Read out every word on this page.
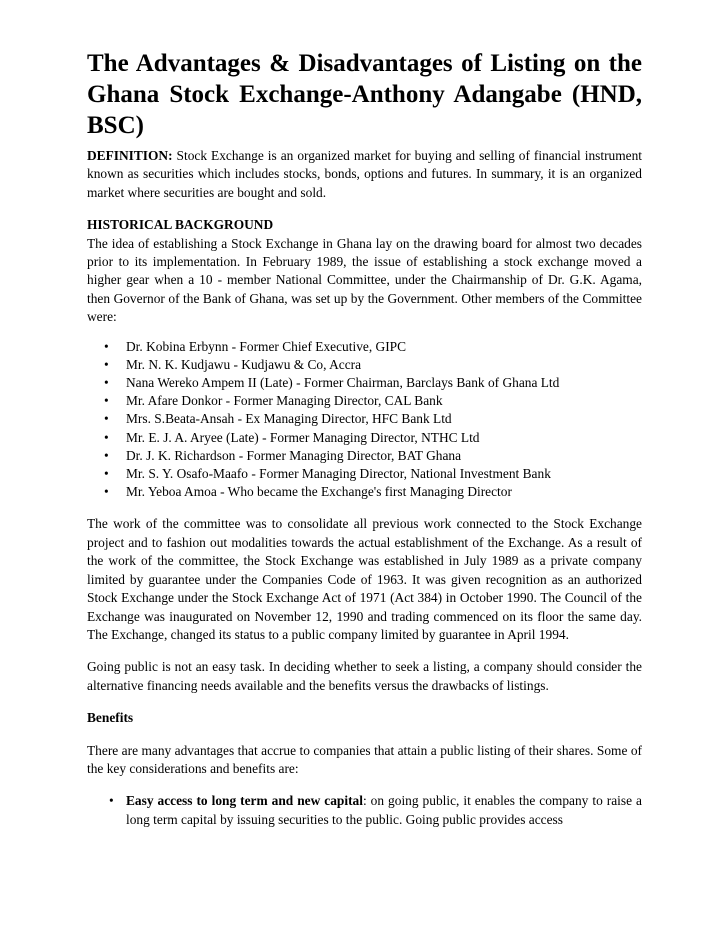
The Advantages & Disadvantages of Listing on the Ghana Stock Exchange-Anthony Adangabe (HND, BSC)

DEFINITION: Stock Exchange is an organized market for buying and selling of financial instrument known as securities which includes stocks, bonds, options and futures. In summary, it is an organized market where securities are bought and sold.

HISTORICAL BACKGROUND
The idea of establishing a Stock Exchange in Ghana lay on the drawing board for almost two decades prior to its implementation. In February 1989, the issue of establishing a stock exchange moved a higher gear when a 10 - member National Committee, under the Chairmanship of Dr. G.K. Agama, then Governor of the Bank of Ghana, was set up by the Government. Other members of the Committee were:

• Dr. Kobina Erbynn - Former Chief Executive, GIPC
• Mr. N. K. Kudjawu - Kudjawu & Co, Accra
• Nana Wereko Ampem II (Late) - Former Chairman, Barclays Bank of Ghana Ltd
• Mr. Afare Donkor - Former Managing Director, CAL Bank
• Mrs. S.Beata-Ansah - Ex Managing Director, HFC Bank Ltd
• Mr. E. J. A. Aryee (Late) - Former Managing Director, NTHC Ltd
• Dr. J. K. Richardson - Former Managing Director, BAT Ghana
• Mr. S. Y. Osafo-Maafo - Former Managing Director, National Investment Bank
• Mr. Yeboa Amoa - Who became the Exchange's first Managing Director

The work of the committee was to consolidate all previous work connected to the Stock Exchange project and to fashion out modalities towards the actual establishment of the Exchange. As a result of the work of the committee, the Stock Exchange was established in July 1989 as a private company limited by guarantee under the Companies Code of 1963. It was given recognition as an authorized Stock Exchange under the Stock Exchange Act of 1971 (Act 384) in October 1990. The Council of the Exchange was inaugurated on November 12, 1990 and trading commenced on its floor the same day. The Exchange, changed its status to a public company limited by guarantee in April 1994.

Going public is not an easy task. In deciding whether to seek a listing, a company should consider the alternative financing needs available and the benefits versus the drawbacks of listings.

Benefits

There are many advantages that accrue to companies that attain a public listing of their shares. Some of the key considerations and benefits are:

• Easy access to long term and new capital: on going public, it enables the company to raise a long term capital by issuing securities to the public. Going public provides access
